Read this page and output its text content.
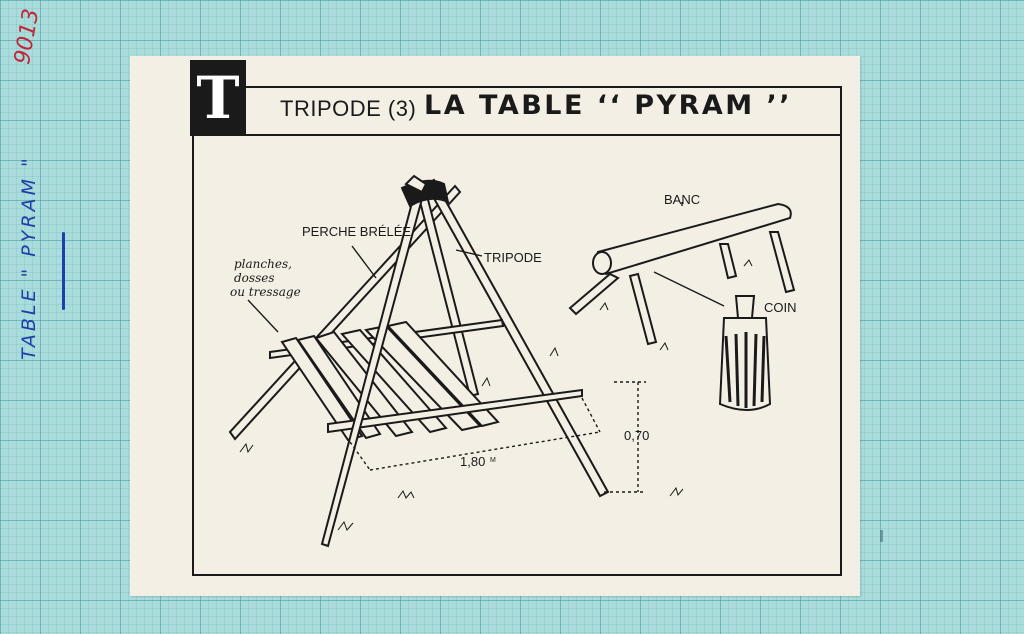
9013
TABLE " PYRAM "
TRIPODE (3) LA TABLE ‘‘ PYRAM ’’
T
PERCHE BRÉLÉE
TRIPODE
BANC
COIN
planches,
dosses
ou tressage
1,80 M
0,70
